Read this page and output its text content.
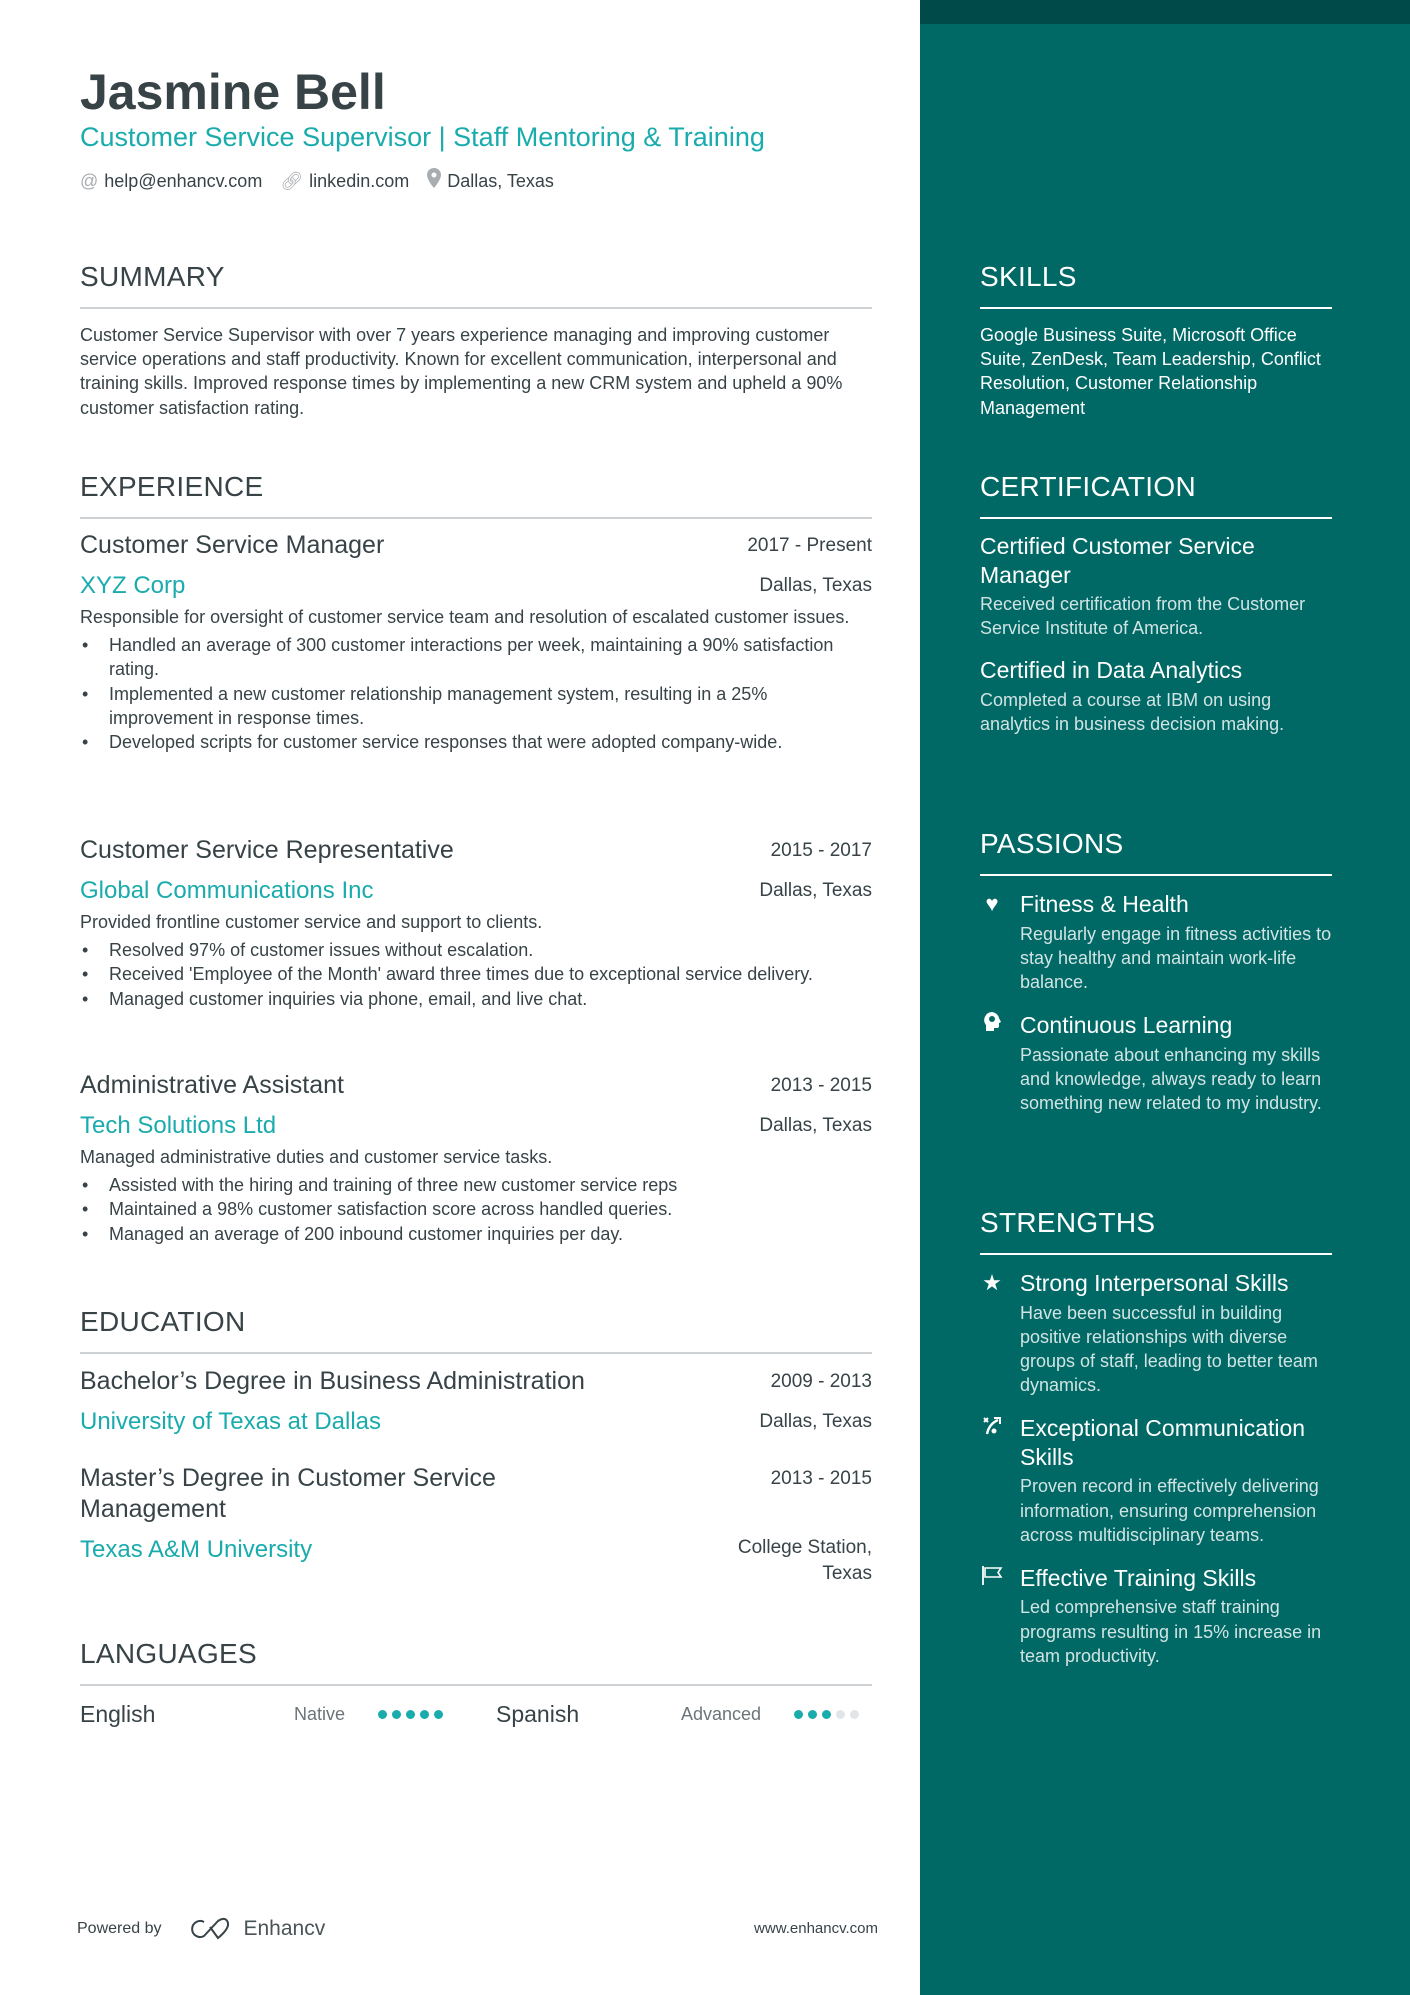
Jasmine Bell
Customer Service Supervisor | Staff Mentoring & Training
@ help@enhancv.com 🔗︎ linkedin.com Dallas, Texas
SUMMARY
Customer Service Supervisor with over 7 years experience managing and improving customer service operations and staff productivity. Known for excellent communication, interpersonal and training skills. Improved response times by implementing a new CRM system and upheld a 90% customer satisfaction rating.
EXPERIENCE
Customer Service Manager	2017 - Present
XYZ Corp	Dallas, Texas
Responsible for oversight of customer service team and resolution of escalated customer issues.
• Handled an average of 300 customer interactions per week, maintaining a 90% satisfaction rating.
• Implemented a new customer relationship management system, resulting in a 25% improvement in response times.
• Developed scripts for customer service responses that were adopted company-wide.
Customer Service Representative	2015 - 2017
Global Communications Inc	Dallas, Texas
Provided frontline customer service and support to clients.
• Resolved 97% of customer issues without escalation.
• Received 'Employee of the Month' award three times due to exceptional service delivery.
• Managed customer inquiries via phone, email, and live chat.
Administrative Assistant	2013 - 2015
Tech Solutions Ltd	Dallas, Texas
Managed administrative duties and customer service tasks.
• Assisted with the hiring and training of three new customer service reps
• Maintained a 98% customer satisfaction score across handled queries.
• Managed an average of 200 inbound customer inquiries per day.
EDUCATION
Bachelor’s Degree in Business Administration	2009 - 2013
University of Texas at Dallas	Dallas, Texas
Master’s Degree in Customer Service Management
2013 - 2015
Texas A&M University	College Station, Texas
LANGUAGES
English	Native	Spanish	Advanced
Powered by	Enhancv	www.enhancv.com
SKILLS
Google Business Suite, Microsoft Office Suite, ZenDesk, Team Leadership, Conflict Resolution, Customer Relationship Management
CERTIFICATION
Certified Customer Service Manager
Received certification from the Customer Service Institute of America.
Certified in Data Analytics
Completed a course at IBM on using analytics in business decision making.
PASSIONS
♥ Fitness & Health
Regularly engage in fitness activities to stay healthy and maintain work-life balance.
Continuous Learning
Passionate about enhancing my skills and knowledge, always ready to learn something new related to my industry.
STRENGTHS
★ Strong Interpersonal Skills
Have been successful in building positive relationships with diverse groups of staff, leading to better team dynamics.
Exceptional Communication Skills
Proven record in effectively delivering information, ensuring comprehension across multidisciplinary teams.
Effective Training Skills
Led comprehensive staff training programs resulting in 15% increase in team productivity.
